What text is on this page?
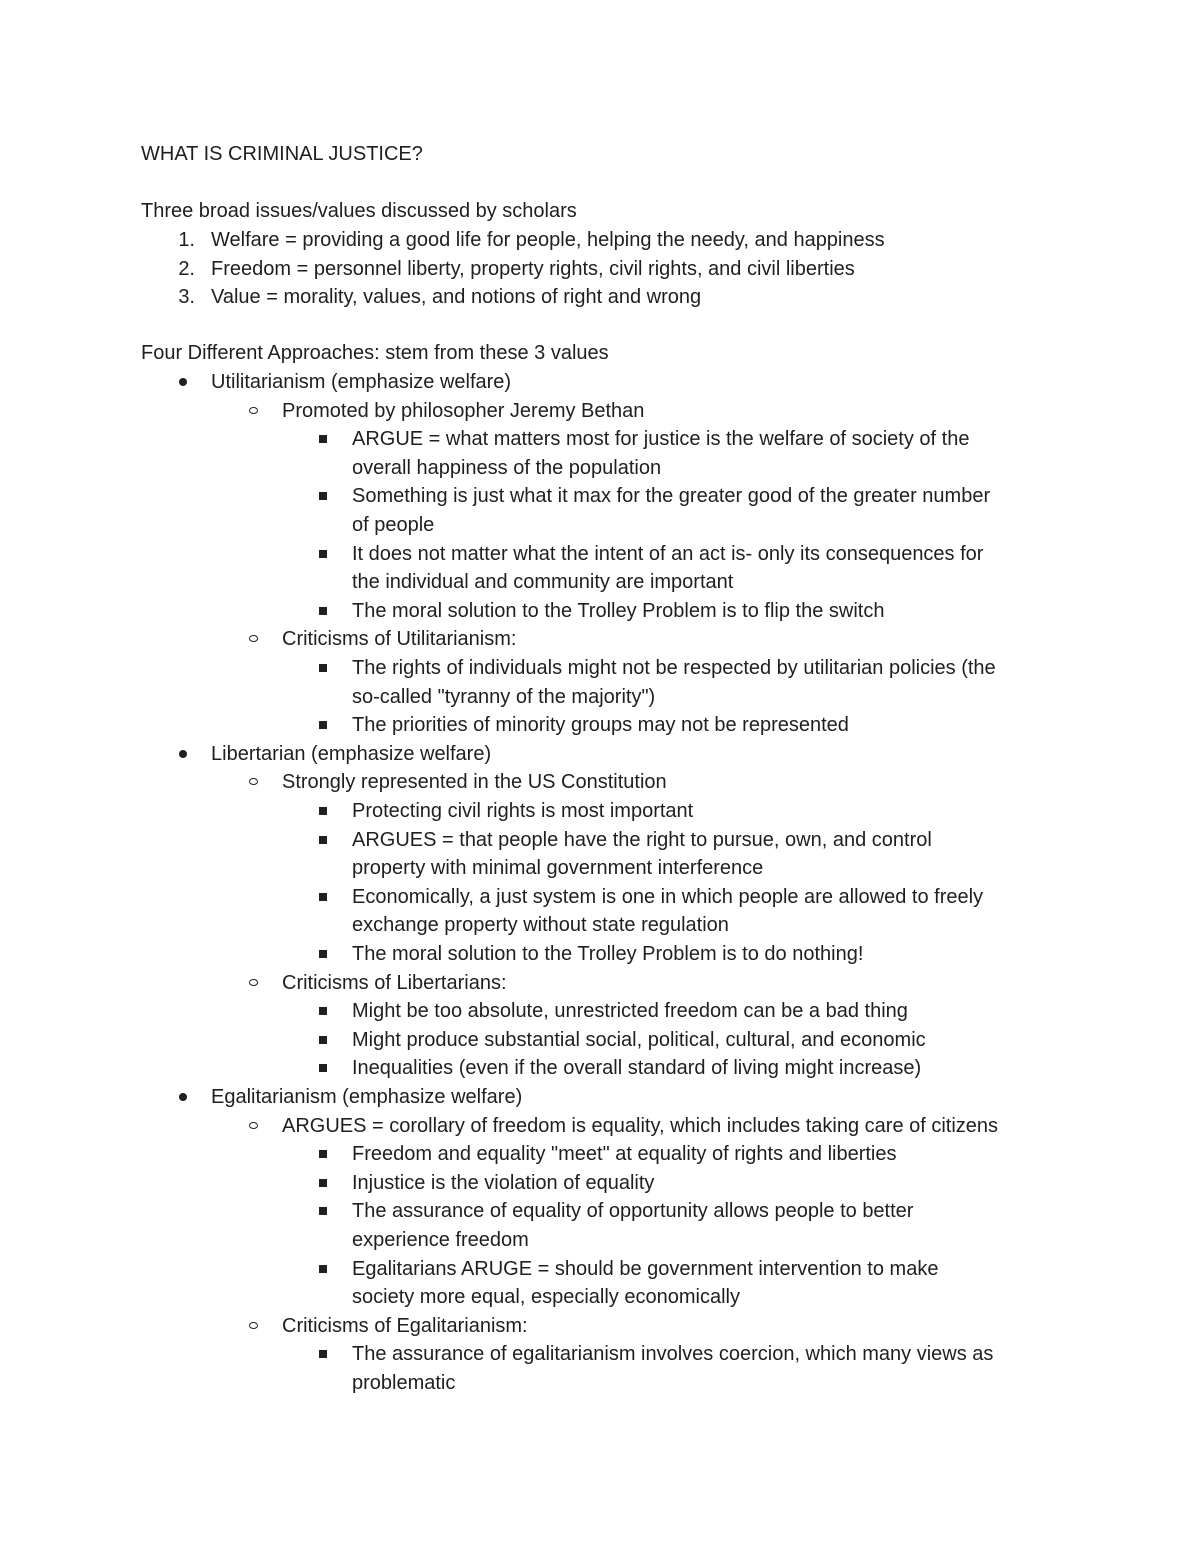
WHAT IS CRIMINAL JUSTICE?
Three broad issues/values discussed by scholars
1. Welfare = providing a good life for people, helping the needy, and happiness
2. Freedom = personnel liberty, property rights, civil rights, and civil liberties
3. Value = morality, values, and notions of right and wrong
Four Different Approaches: stem from these 3 values
Utilitarianism (emphasize welfare)
Promoted by philosopher Jeremy Bethan
ARGUE = what matters most for justice is the welfare of society of the
overall happiness of the population
Something is just what it max for the greater good of the greater number
of people
It does not matter what the intent of an act is- only its consequences for
the individual and community are important
The moral solution to the Trolley Problem is to flip the switch
Criticisms of Utilitarianism:
The rights of individuals might not be respected by utilitarian policies (the
so-called "tyranny of the majority")
The priorities of minority groups may not be represented
Libertarian (emphasize welfare)
Strongly represented in the US Constitution
Protecting civil rights is most important
ARGUES = that people have the right to pursue, own, and control
property with minimal government interference
Economically, a just system is one in which people are allowed to freely
exchange property without state regulation
The moral solution to the Trolley Problem is to do nothing!
Criticisms of Libertarians:
Might be too absolute, unrestricted freedom can be a bad thing
Might produce substantial social, political, cultural, and economic
Inequalities (even if the overall standard of living might increase)
Egalitarianism (emphasize welfare)
ARGUES = corollary of freedom is equality, which includes taking care of citizens
Freedom and equality "meet" at equality of rights and liberties
Injustice is the violation of equality
The assurance of equality of opportunity allows people to better
experience freedom
Egalitarians ARUGE = should be government intervention to make
society more equal, especially economically
Criticisms of Egalitarianism:
The assurance of egalitarianism involves coercion, which many views as
problematic
